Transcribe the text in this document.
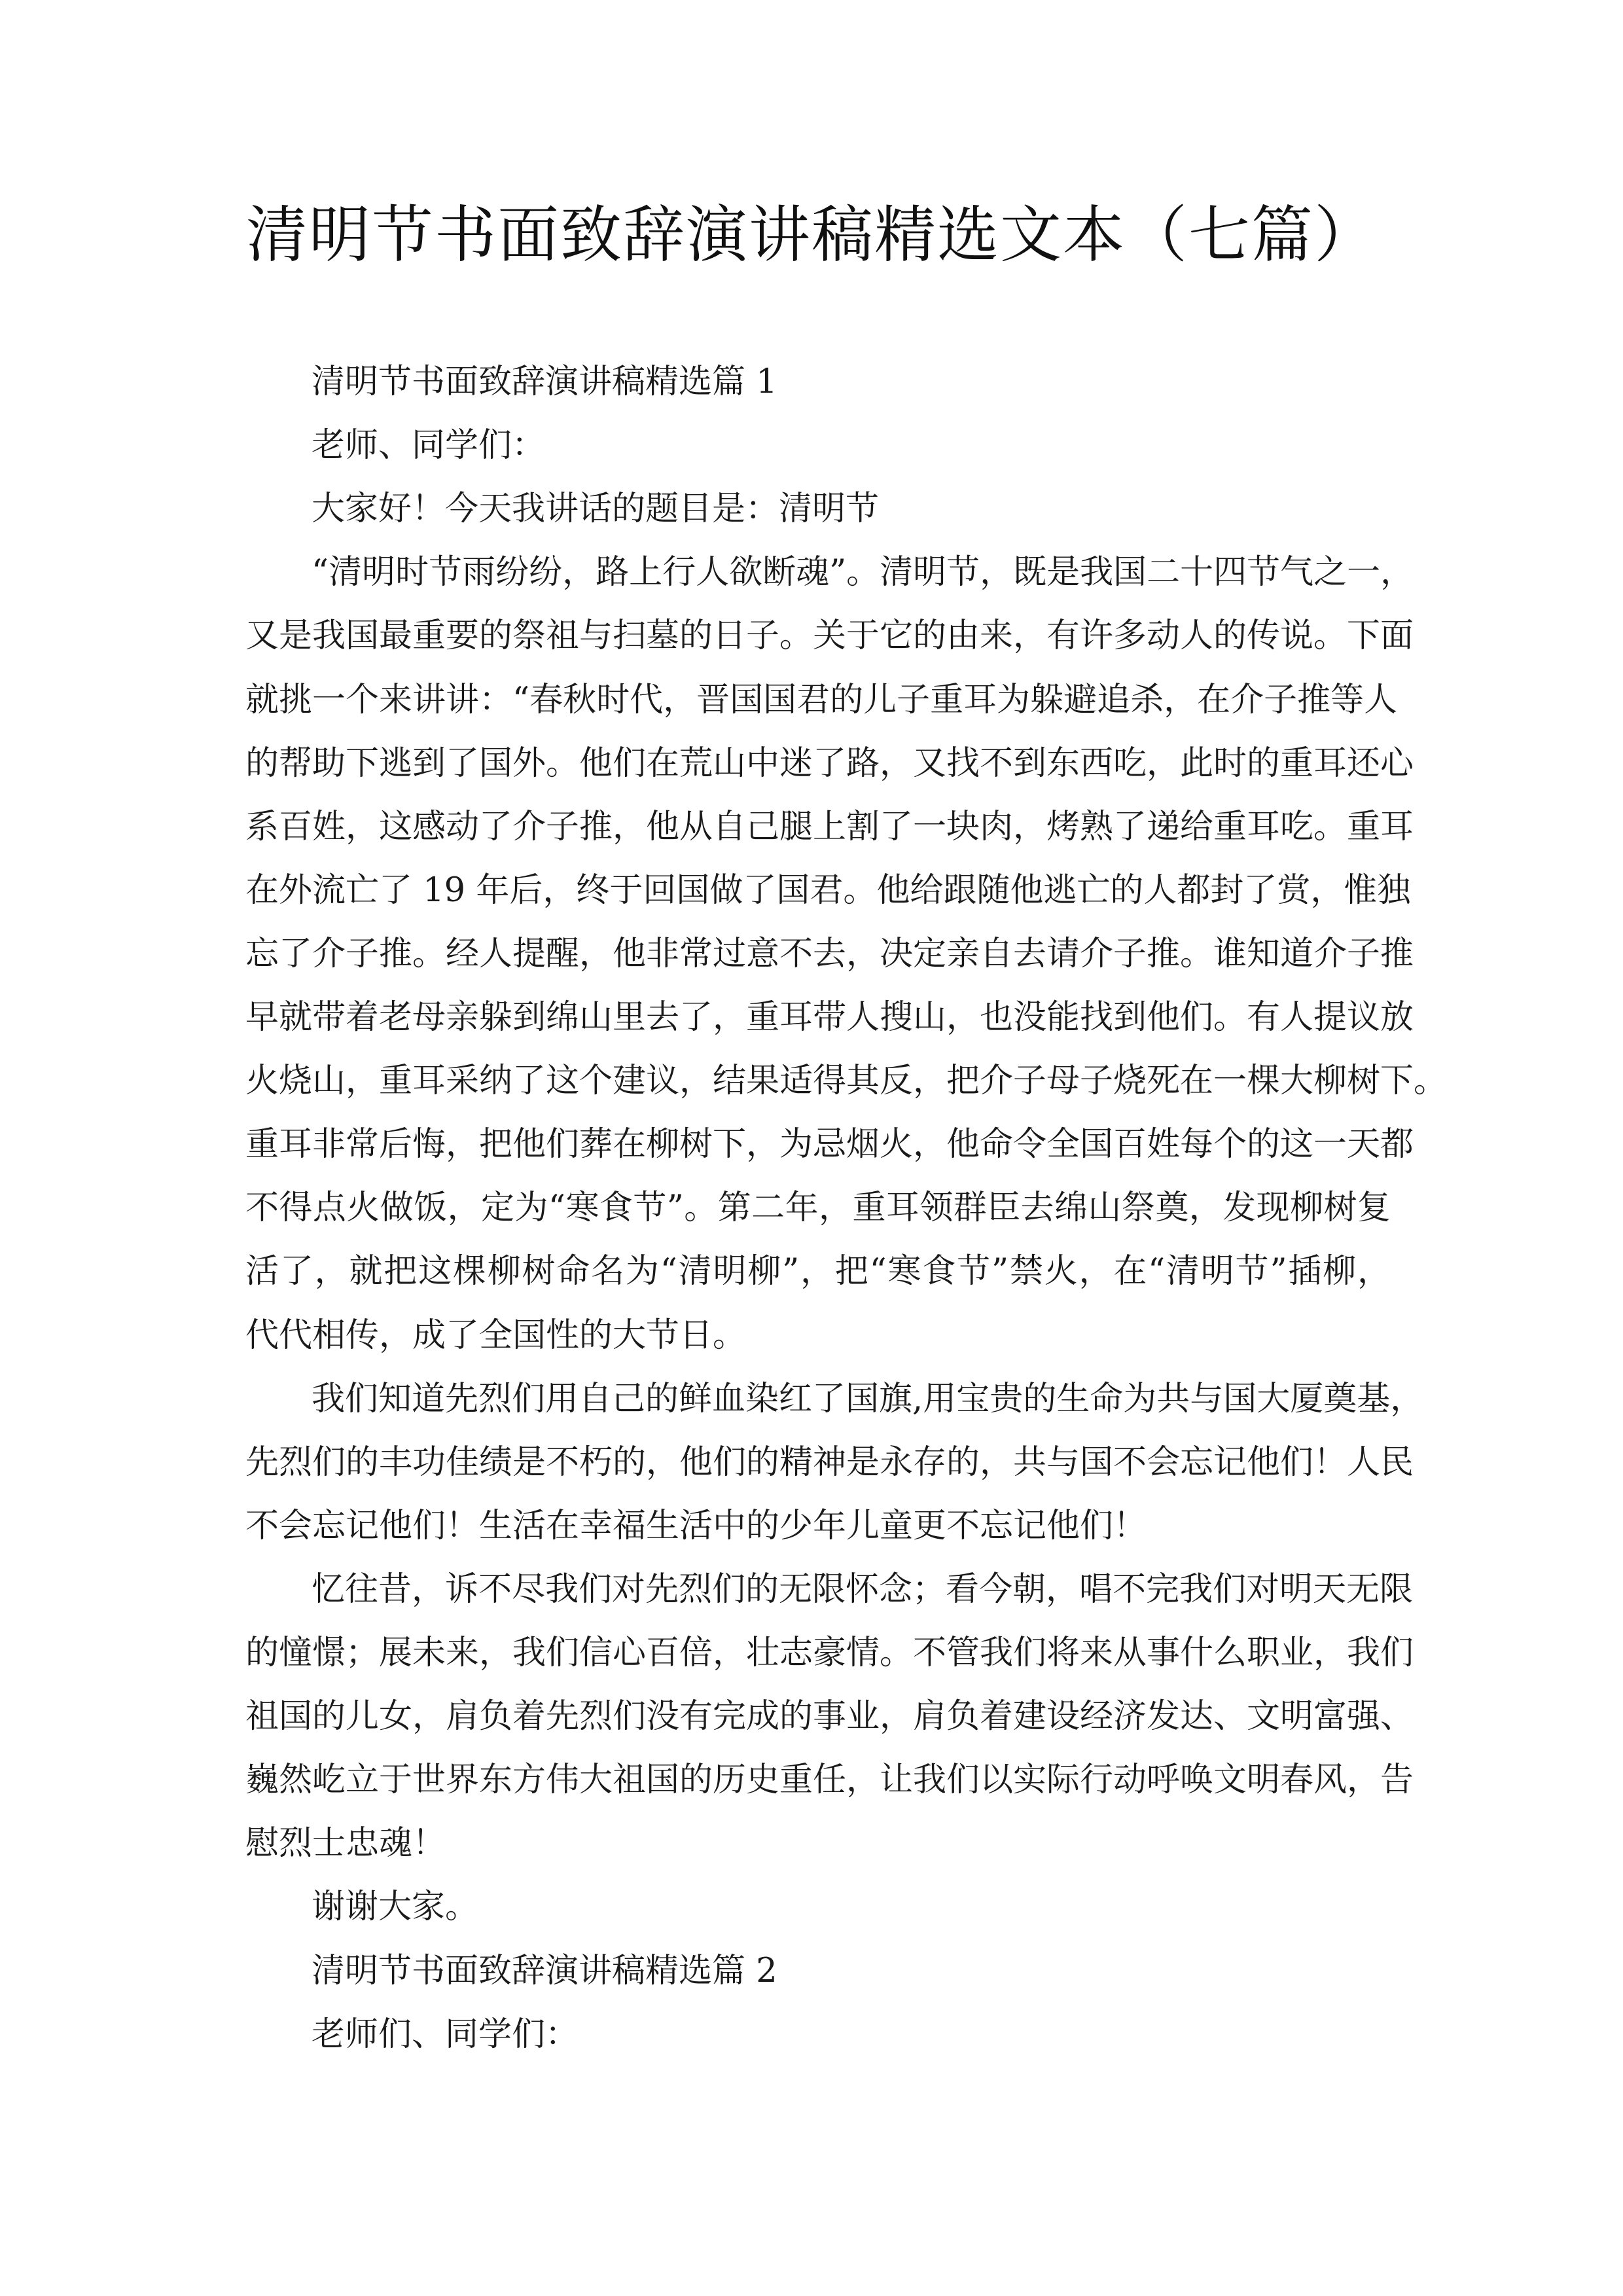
清明节书面致辞演讲稿精选文本（七篇）
清明节书面致辞演讲稿精选篇 1
老师、同学们：
大家好！今天我讲话的题目是：清明节
“清明时节雨纷纷，路上行人欲断魂”。清明节，既是我国二十四节气之一，
又是我国最重要的祭祖与扫墓的日子。关于它的由来，有许多动人的传说。下面
就挑一个来讲讲：“春秋时代，晋国国君的儿子重耳为躲避追杀，在介子推等人
的帮助下逃到了国外。他们在荒山中迷了路，又找不到东西吃，此时的重耳还心
系百姓，这感动了介子推，他从自己腿上割了一块肉，烤熟了递给重耳吃。重耳
在外流亡了 19 年后，终于回国做了国君。他给跟随他逃亡的人都封了赏，惟独
忘了介子推。经人提醒，他非常过意不去，决定亲自去请介子推。谁知道介子推
早就带着老母亲躲到绵山里去了，重耳带人搜山，也没能找到他们。有人提议放
火烧山，重耳采纳了这个建议，结果适得其反，把介子母子烧死在一棵大柳树下。
重耳非常后悔，把他们葬在柳树下，为忌烟火，他命令全国百姓每个的这一天都
不得点火做饭，定为“寒食节”。第二年，重耳领群臣去绵山祭奠，发现柳树复
活了，就把这棵柳树命名为“清明柳”，把“寒食节”禁火，在“清明节”插柳，
代代相传，成了全国性的大节日。
我们知道先烈们用自己的鲜血染红了国旗,用宝贵的生命为共与国大厦奠基，
先烈们的丰功佳绩是不朽的，他们的精神是永存的，共与国不会忘记他们！人民
不会忘记他们！生活在幸福生活中的少年儿童更不忘记他们！
忆往昔，诉不尽我们对先烈们的无限怀念；看今朝，唱不完我们对明天无限
的憧憬；展未来，我们信心百倍，壮志豪情。不管我们将来从事什么职业，我们
祖国的儿女，肩负着先烈们没有完成的事业，肩负着建设经济发达、文明富强、
巍然屹立于世界东方伟大祖国的历史重任，让我们以实际行动呼唤文明春风，告
慰烈士忠魂！
谢谢大家。
清明节书面致辞演讲稿精选篇 2
老师们、同学们：
